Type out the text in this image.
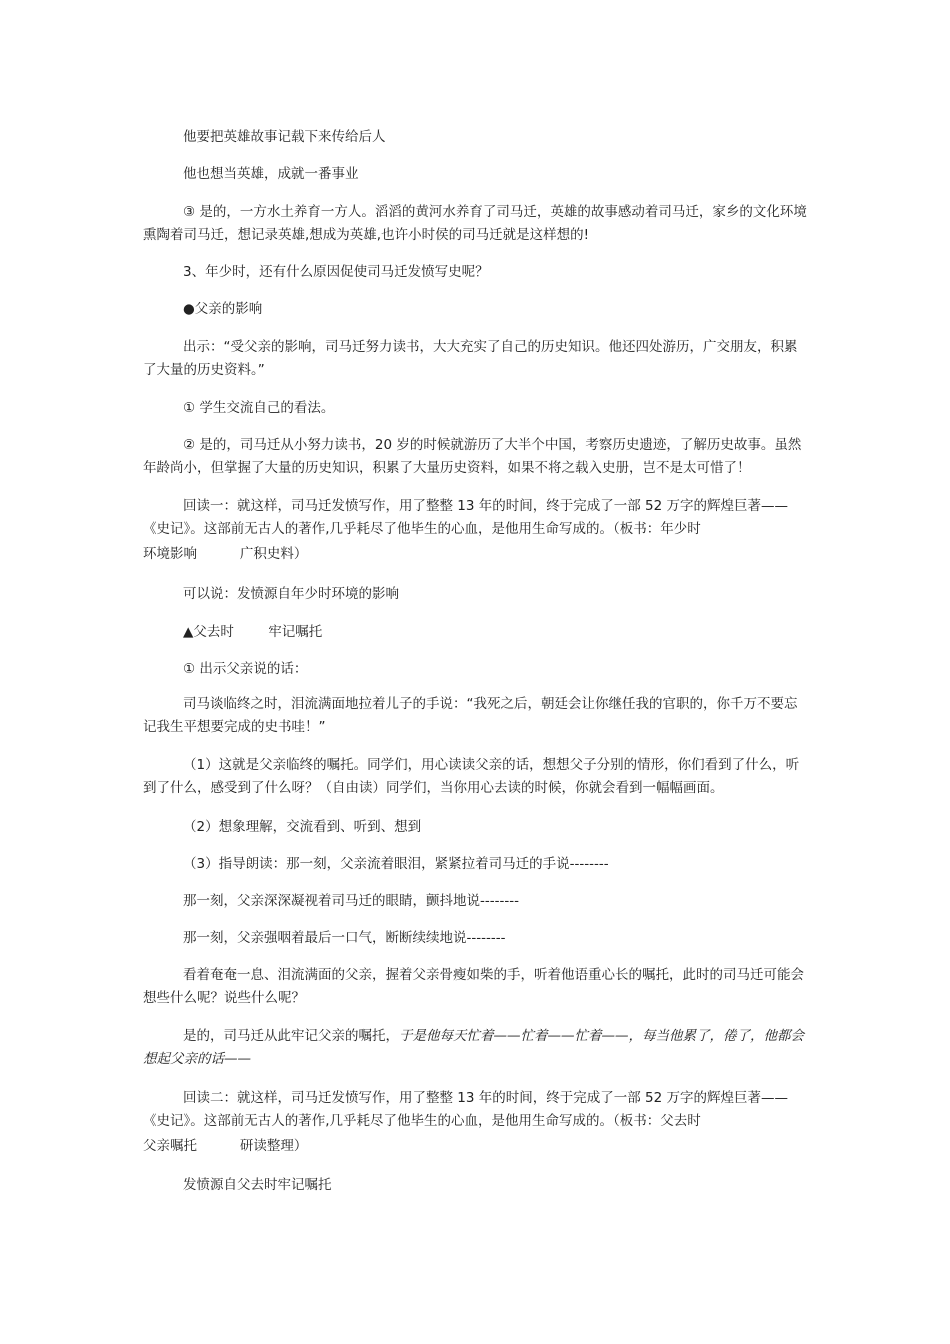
他要把英雄故事记载下来传给后人

他也想当英雄，成就一番事业

③ 是的，一方水土养育一方人。滔滔的黄河水养育了司马迁，英雄的故事感动着司马迁，家乡的文化环境熏陶着司马迁，想记录英雄,想成为英雄,也许小时侯的司马迁就是这样想的!

3、年少时，还有什么原因促使司马迁发愤写史呢？

●父亲的影响

出示：“受父亲的影响，司马迁努力读书，大大充实了自己的历史知识。他还四处游历，广交朋友，积累了大量的历史资料。”

① 学生交流自己的看法。

② 是的，司马迁从小努力读书，20 岁的时候就游历了大半个中国，考察历史遗迹，了解历史故事。虽然年龄尚小，但掌握了大量的历史知识，积累了大量历史资料，如果不将之载入史册，岂不是太可惜了！

回读一：就这样，司马迁发愤写作，用了整整 13 年的时间，终于完成了一部 52 万字的辉煌巨著——《史记》。这部前无古人的著作,几乎耗尽了他毕生的心血，是他用生命写成的。（板书：年少时

环境影响          广积史料）

可以说：发愤源自年少时环境的影响

▲父去时        牢记嘱托

① 出示父亲说的话：

司马谈临终之时，泪流满面地拉着儿子的手说：“我死之后，朝廷会让你继任我的官职的，你千万不要忘记我生平想要完成的史书哇！”

（1）这就是父亲临终的嘱托。同学们，用心读读父亲的话，想想父子分别的情形，你们看到了什么，听到了什么，感受到了什么呀？（自由读）同学们，当你用心去读的时候，你就会看到一幅幅画面。

（2）想象理解，交流看到、听到、想到

（3）指导朗读：那一刻，父亲流着眼泪，紧紧拉着司马迁的手说--------

那一刻，父亲深深凝视着司马迁的眼睛，颤抖地说--------

那一刻，父亲强咽着最后一口气，断断续续地说--------

看着奄奄一息、泪流满面的父亲，握着父亲骨瘦如柴的手，听着他语重心长的嘱托，此时的司马迁可能会想些什么呢？说些什么呢？

是的，司马迁从此牢记父亲的嘱托，于是他每天忙着——忙着——忙着——，每当他累了，倦了，他都会想起父亲的话——

回读二：就这样，司马迁发愤写作，用了整整 13 年的时间，终于完成了一部 52 万字的辉煌巨著——《史记》。这部前无古人的著作,几乎耗尽了他毕生的心血，是他用生命写成的。（板书：父去时

父亲嘱托          研读整理）

发愤源自父去时牢记嘱托
